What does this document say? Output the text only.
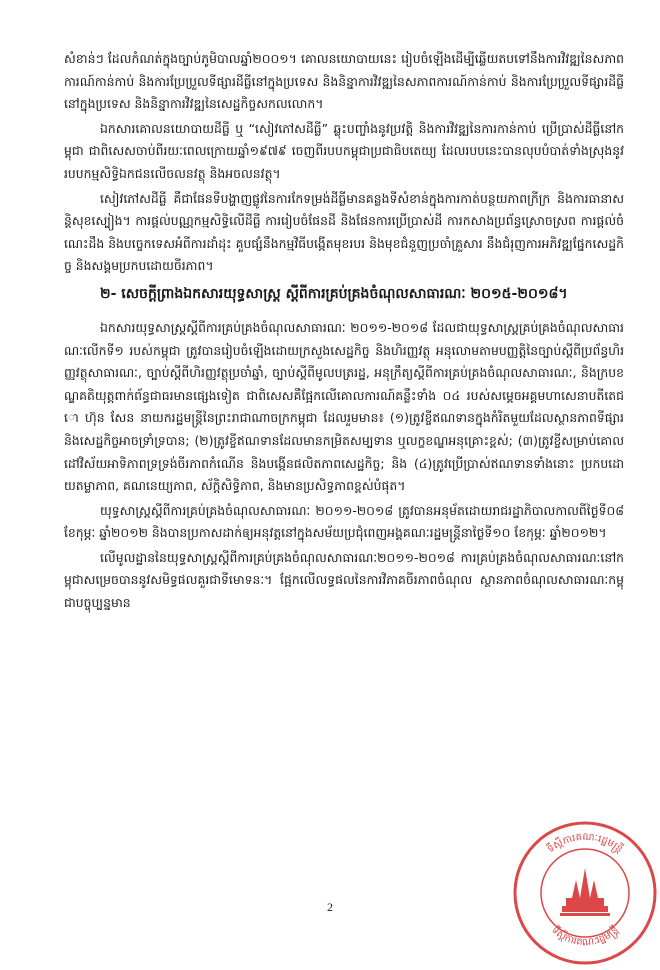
សំខាន់ៗ ដែលកំណត់ក្នុងច្បាប់ភូមិបាលឆ្នាំ២០០១។ គោលនយោបាយនេះ រៀបចំឡើងដើម្បីឆ្លើយតបទៅនឹងការវិវឌ្ឍនៃសភាពការណ៍កាន់កាប់ និងការប្រែប្រួលទីផ្សារដីធ្លីនៅក្នុងប្រទេស និងនិន្នាការវិវឌ្ឍនៃសភាពការណ៍កាន់កាប់ និងការប្រែប្រួលទីផ្សារដីធ្លីនៅក្នុងប្រទេស និងនិន្នាការវិវឌ្ឍនៃសេដ្ឋកិច្ចសកលលោក។

ឯកសារគោលនយោបាយដីធ្លី ឬ “សៀវភៅសដីធ្លី” ឆ្លុះបញ្ចាំងនូវប្រវត្តិ និងការវិវឌ្ឍនៃការកាន់កាប់ ប្រើប្រាស់ដីធ្លីនៅកម្ពុជា ជាពិសេសចាប់ពីរយៈពេលក្រោយឆ្នាំ១៩៧៩ ចេញពីរបបកម្ពុជាប្រជាធិបតេយ្យ ដែលរបបនេះបានលុបបំបាត់ទាំងស្រុងនូវរបបកម្មសិទ្ធិឯកជនលើចលនវត្ថុ និងអចលនវត្ថុ។

សៀវភៅសដីធ្លី គឺជាផែនទីបង្ហាញផ្លូវនៃការកែទម្រង់ដីធ្លីមានគន្លងទីសំខាន់ក្នុងការកាត់បន្ថយភាពក្រីក្រ និងការធានាសន្តិសុខស្បៀង។ ការផ្ដល់បណ្ណកម្មសិទ្ធិលើដីធ្លី ការរៀបចំផែនដី និងផែនការប្រើប្រាស់ដី ការកសាងប្រព័ន្ធស្រោចស្រព ការផ្ដល់ចំណេះដឹង និងបច្ចេកទេសអំពីការដាំដុះ គួបផ្សំនឹងកម្មវិធីបង្កើតមុខរបរ និងមុខជំនួញប្រចាំគ្រួសារ នឹងជំរុញការអភិវឌ្ឍផ្នែកសេដ្ឋកិច្ច និងសង្គមប្រកបដោយចីរភាព។

២- សេចក្ដីព្រាងឯកសារយុទ្ធសាស្ត្រ ស្ដីពីការគ្រប់គ្រងចំណុលសាធារណៈ ២០១៥-២០១៨។

ឯកសារយុទ្ធសាស្ត្រស្ដីពីការគ្រប់គ្រងចំណុលសាធារណៈ ២០១១-២០១៨ ដែលជាយុទ្ធសាស្ត្រគ្រប់គ្រងចំណុលសាធារណៈលើកទី១ របស់កម្ពុជា ត្រូវបានរៀបចំឡើងដោយក្រសួងសេដ្ឋកិច្ច និងហិរញ្ញវត្ថុ អនុលោមតាមបញ្ញត្តិនៃច្បាប់ស្ដីពីប្រព័ន្ធហិរញ្ញវត្ថុសាធារណៈ, ច្បាប់ស្ដីពីហិរញ្ញវត្ថុប្រចាំឆ្នាំ, ច្បាប់ស្ដីពីមូលបត្ររដ្ឋ, អនុក្រឹត្យស្ដីពីការគ្រប់គ្រងចំណុលសាធារណៈ, និងក្របខណ្ឌគតិយុត្តពាក់ព័ន្ធជាធរមានផ្សេងទៀត ជាពិសេសគឺផ្អែកលើគោលការណ៍គន្លឹះទាំង ០៤ របស់សម្ដេចអគ្គមហាសេនាបតីតេជោ ហ៊ុន សែន នាយករដ្ឋមន្ត្រីនៃព្រះរាជាណាចក្រកម្ពុជា ដែលរួមមាន៖ (១)ត្រូវខ្ចីឥណទានក្នុងកំរិតមួយដែលស្ថានភាពទីផ្សារ និងសេដ្ឋកិច្ចអាចទ្រាំទ្របាន; (២)ត្រូវខ្ចីឥណទានដែលមានកម្រិតសម្បទាន ឬលក្ខខណ្ឌអនុគ្រោះខ្ពស់; (៣)ត្រូវខ្ចីសម្រាប់គោលដៅវិស័យអាទិភាពទ្រទ្រង់ចីរភាពកំណើន និងបង្កើនផលិតភាពសេដ្ឋកិច្ច; និង (៤)ត្រូវប្រើប្រាស់ឥណទានទាំងនោះ ប្រកបដោយតម្លាភាព, គណនេយ្យភាព, ស័ក្តិសិទ្ធិភាព, និងមានប្រសិទ្ធភាពខ្ពស់បំផុត។

យុទ្ធសាស្ត្រស្ដីពីការគ្រប់គ្រងចំណុលសាធារណៈ ២០១១-២០១៨ ត្រូវបានអនុម័តដោយរាជរដ្ឋាភិបាលកាលពីថ្ងៃទី០៨ ខែកុម្ភៈ ឆ្នាំ២០១២ និងបានប្រកាសដាក់ឲ្យអនុវត្តនៅក្នុងសម័យប្រជុំពេញអង្គគណៈរដ្ឋមន្ត្រីនាថ្ងៃទី១០ ខែកុម្ភៈ ឆ្នាំ២០១២។

លើមូលដ្ឋាននៃយុទ្ធសាស្ត្រស្ដីពីការគ្រប់គ្រងចំណុលសាធារណៈ២០១១-២០១៨ ការគ្រប់គ្រងចំណុលសាធារណៈនៅកម្ពុជាសម្រេចបាននូវសមិទ្ធផលគួរជាទីមោទនៈ។ ផ្អែកលើលទ្ធផលនៃការវិភាគចីរភាពចំណុល ស្ថានភាពចំណុលសាធារណៈកម្ពុជាបច្ចុប្បន្នមាន

2
ទីស្ដីការគណៈរដ្ឋមន្ត្រី
ទីស្ដីការគណៈរដ្ឋមន្ត្រី
